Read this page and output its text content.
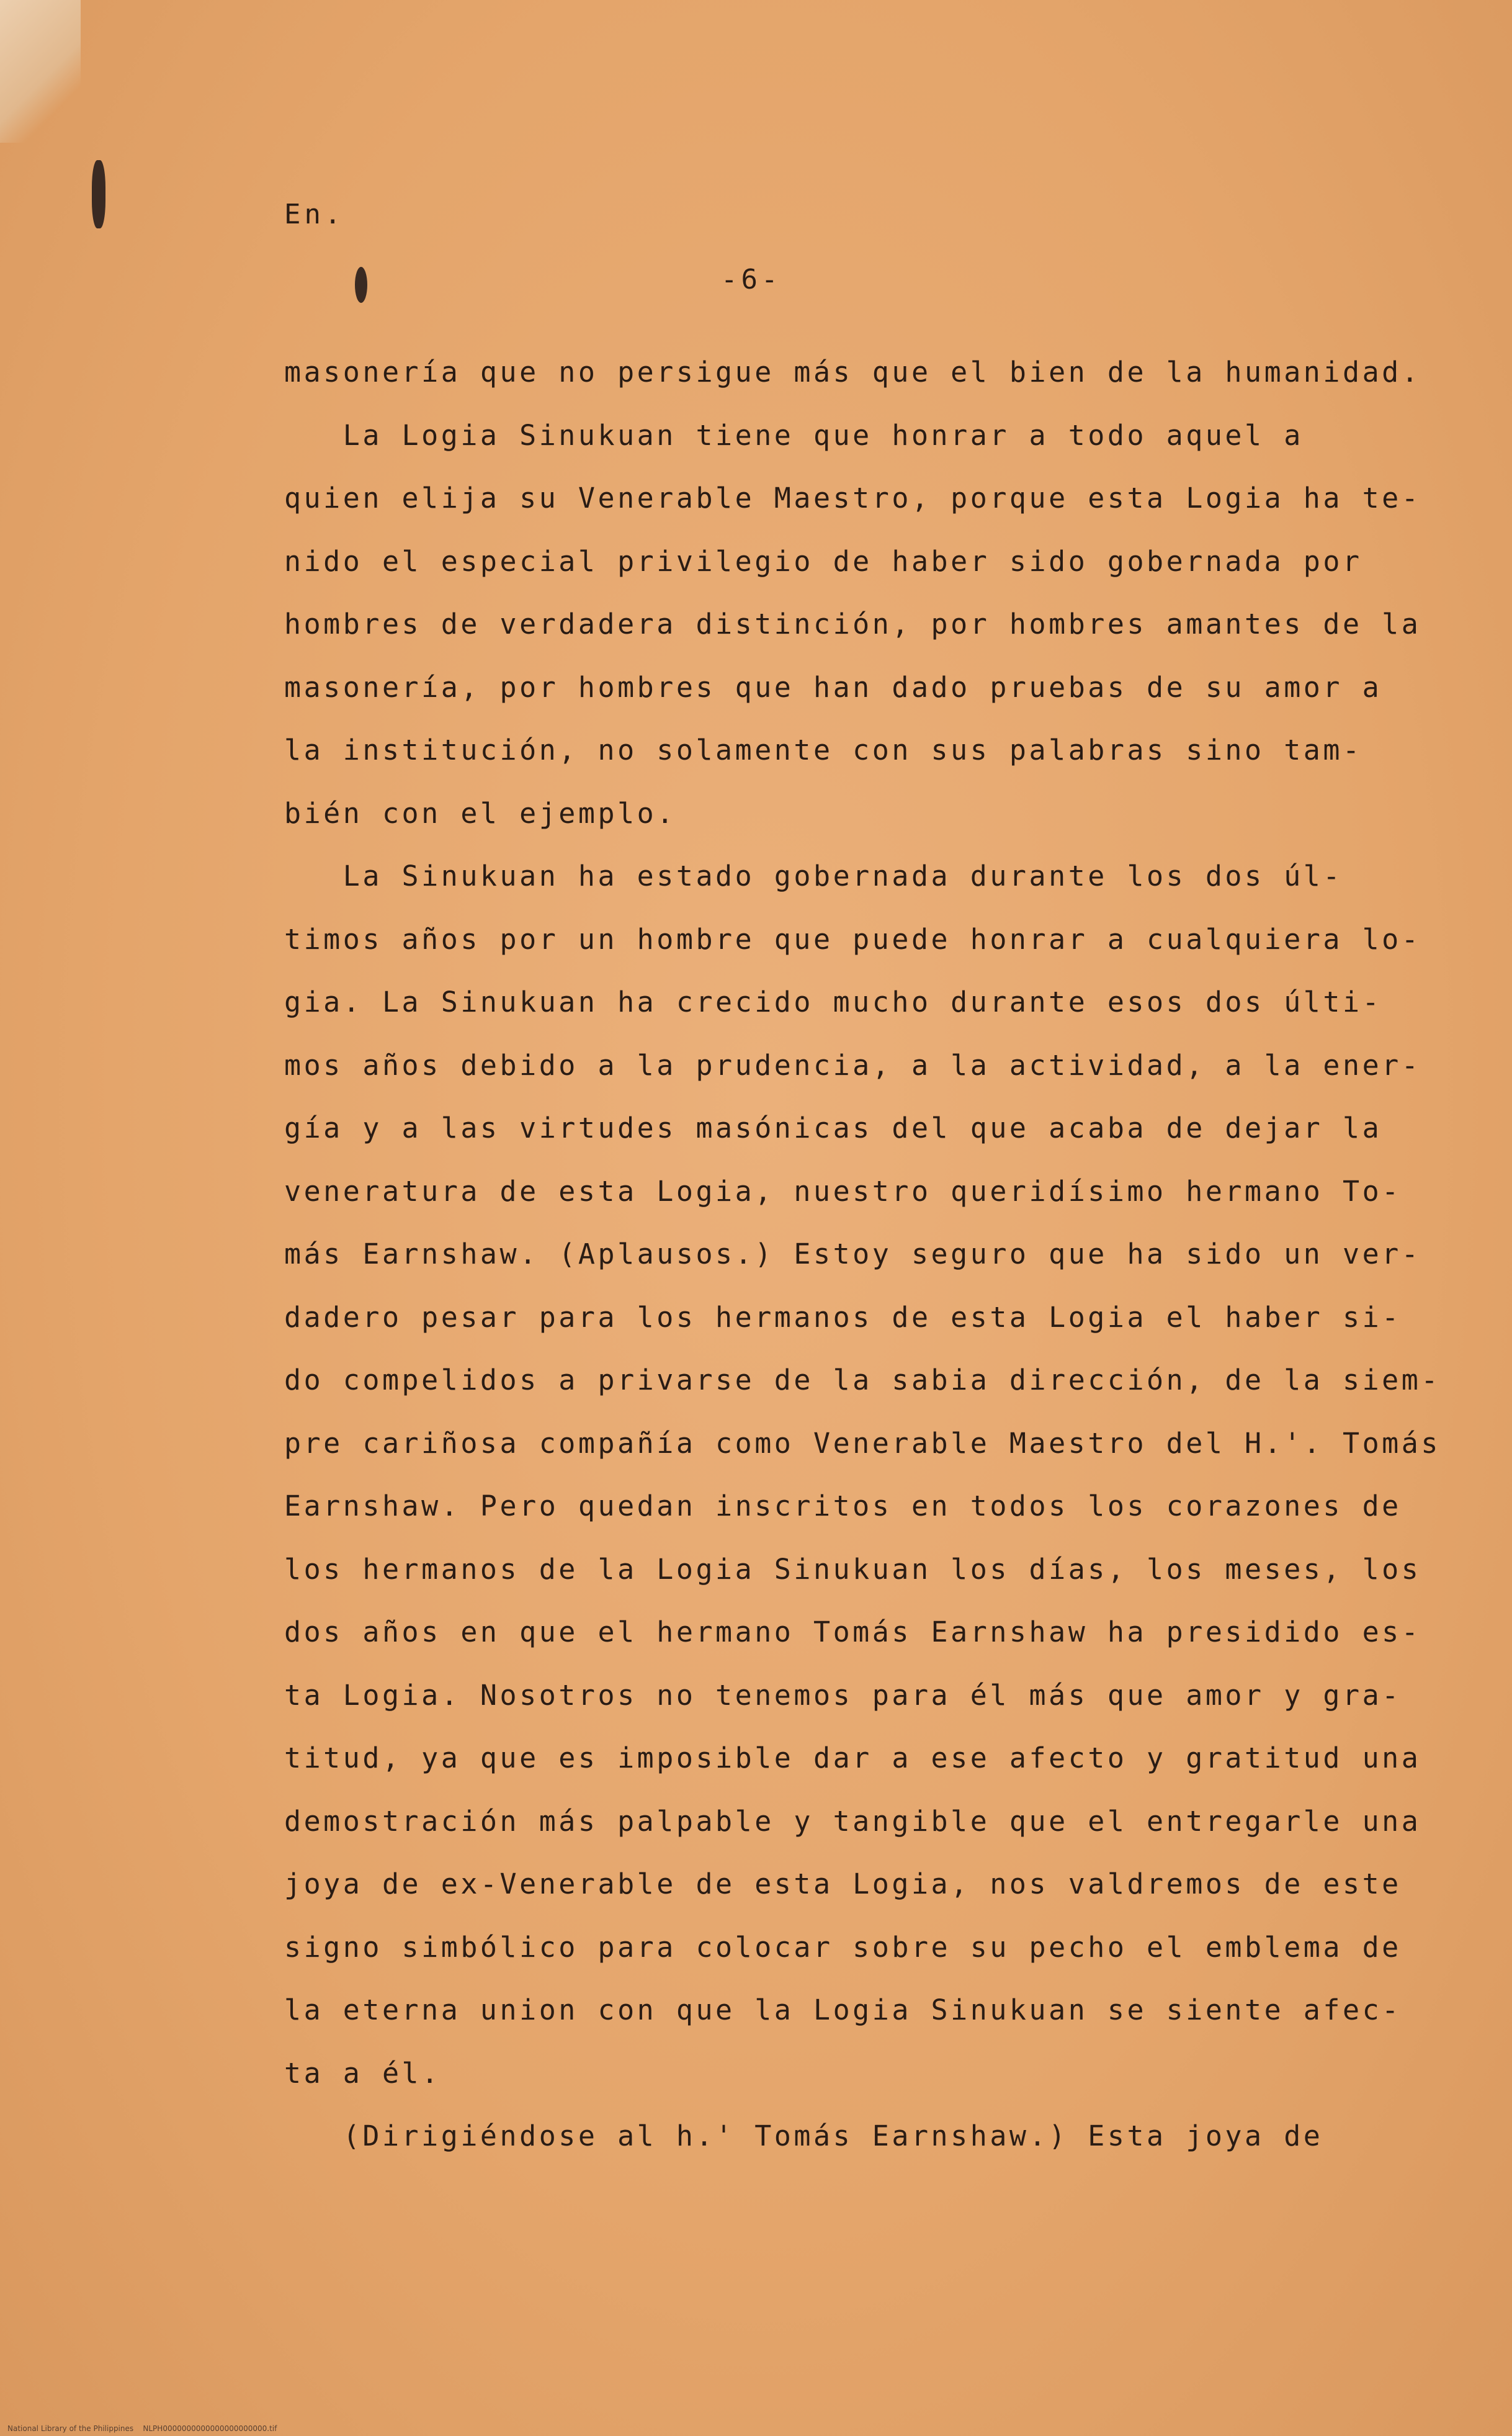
En.
-6-
masonería que no persigue más que el bien de la humanidad.
La Logia Sinukuan tiene que honrar a todo aquel a
quien elija su Venerable Maestro, porque esta Logia ha te-
nido el especial privilegio de haber sido gobernada por
hombres de verdadera distinción, por hombres amantes de la
masonería, por hombres que han dado pruebas de su amor a
la institución, no solamente con sus palabras sino tam-
bién con el ejemplo.
La Sinukuan ha estado gobernada durante los dos úl-
timos años por un hombre que puede honrar a cualquiera lo-
gia. La Sinukuan ha crecido mucho durante esos dos últi-
mos años debido a la prudencia, a la actividad, a la ener-
gía y a las virtudes masónicas del que acaba de dejar la
veneratura de esta Logia, nuestro queridísimo hermano To-
más Earnshaw. (Aplausos.) Estoy seguro que ha sido un ver-
dadero pesar para los hermanos de esta Logia el haber si-
do compelidos a privarse de la sabia dirección, de la siem-
pre cariñosa compañía como Venerable Maestro del H.'. Tomás
Earnshaw. Pero quedan inscritos en todos los corazones de
los hermanos de la Logia Sinukuan los días, los meses, los
dos años en que el hermano Tomás Earnshaw ha presidido es-
ta Logia. Nosotros no tenemos para él más que amor y gra-
titud, ya que es imposible dar a ese afecto y gratitud una
demostración más palpable y tangible que el entregarle una
joya de ex-Venerable de esta Logia, nos valdremos de este
signo simbólico para colocar sobre su pecho el emblema de
la eterna union con que la Logia Sinukuan se siente afec-
ta a él.
(Dirigiéndose al h.' Tomás Earnshaw.) Esta joya de
National Library of the Philippines    NLPH0000000000000000000000.tif
